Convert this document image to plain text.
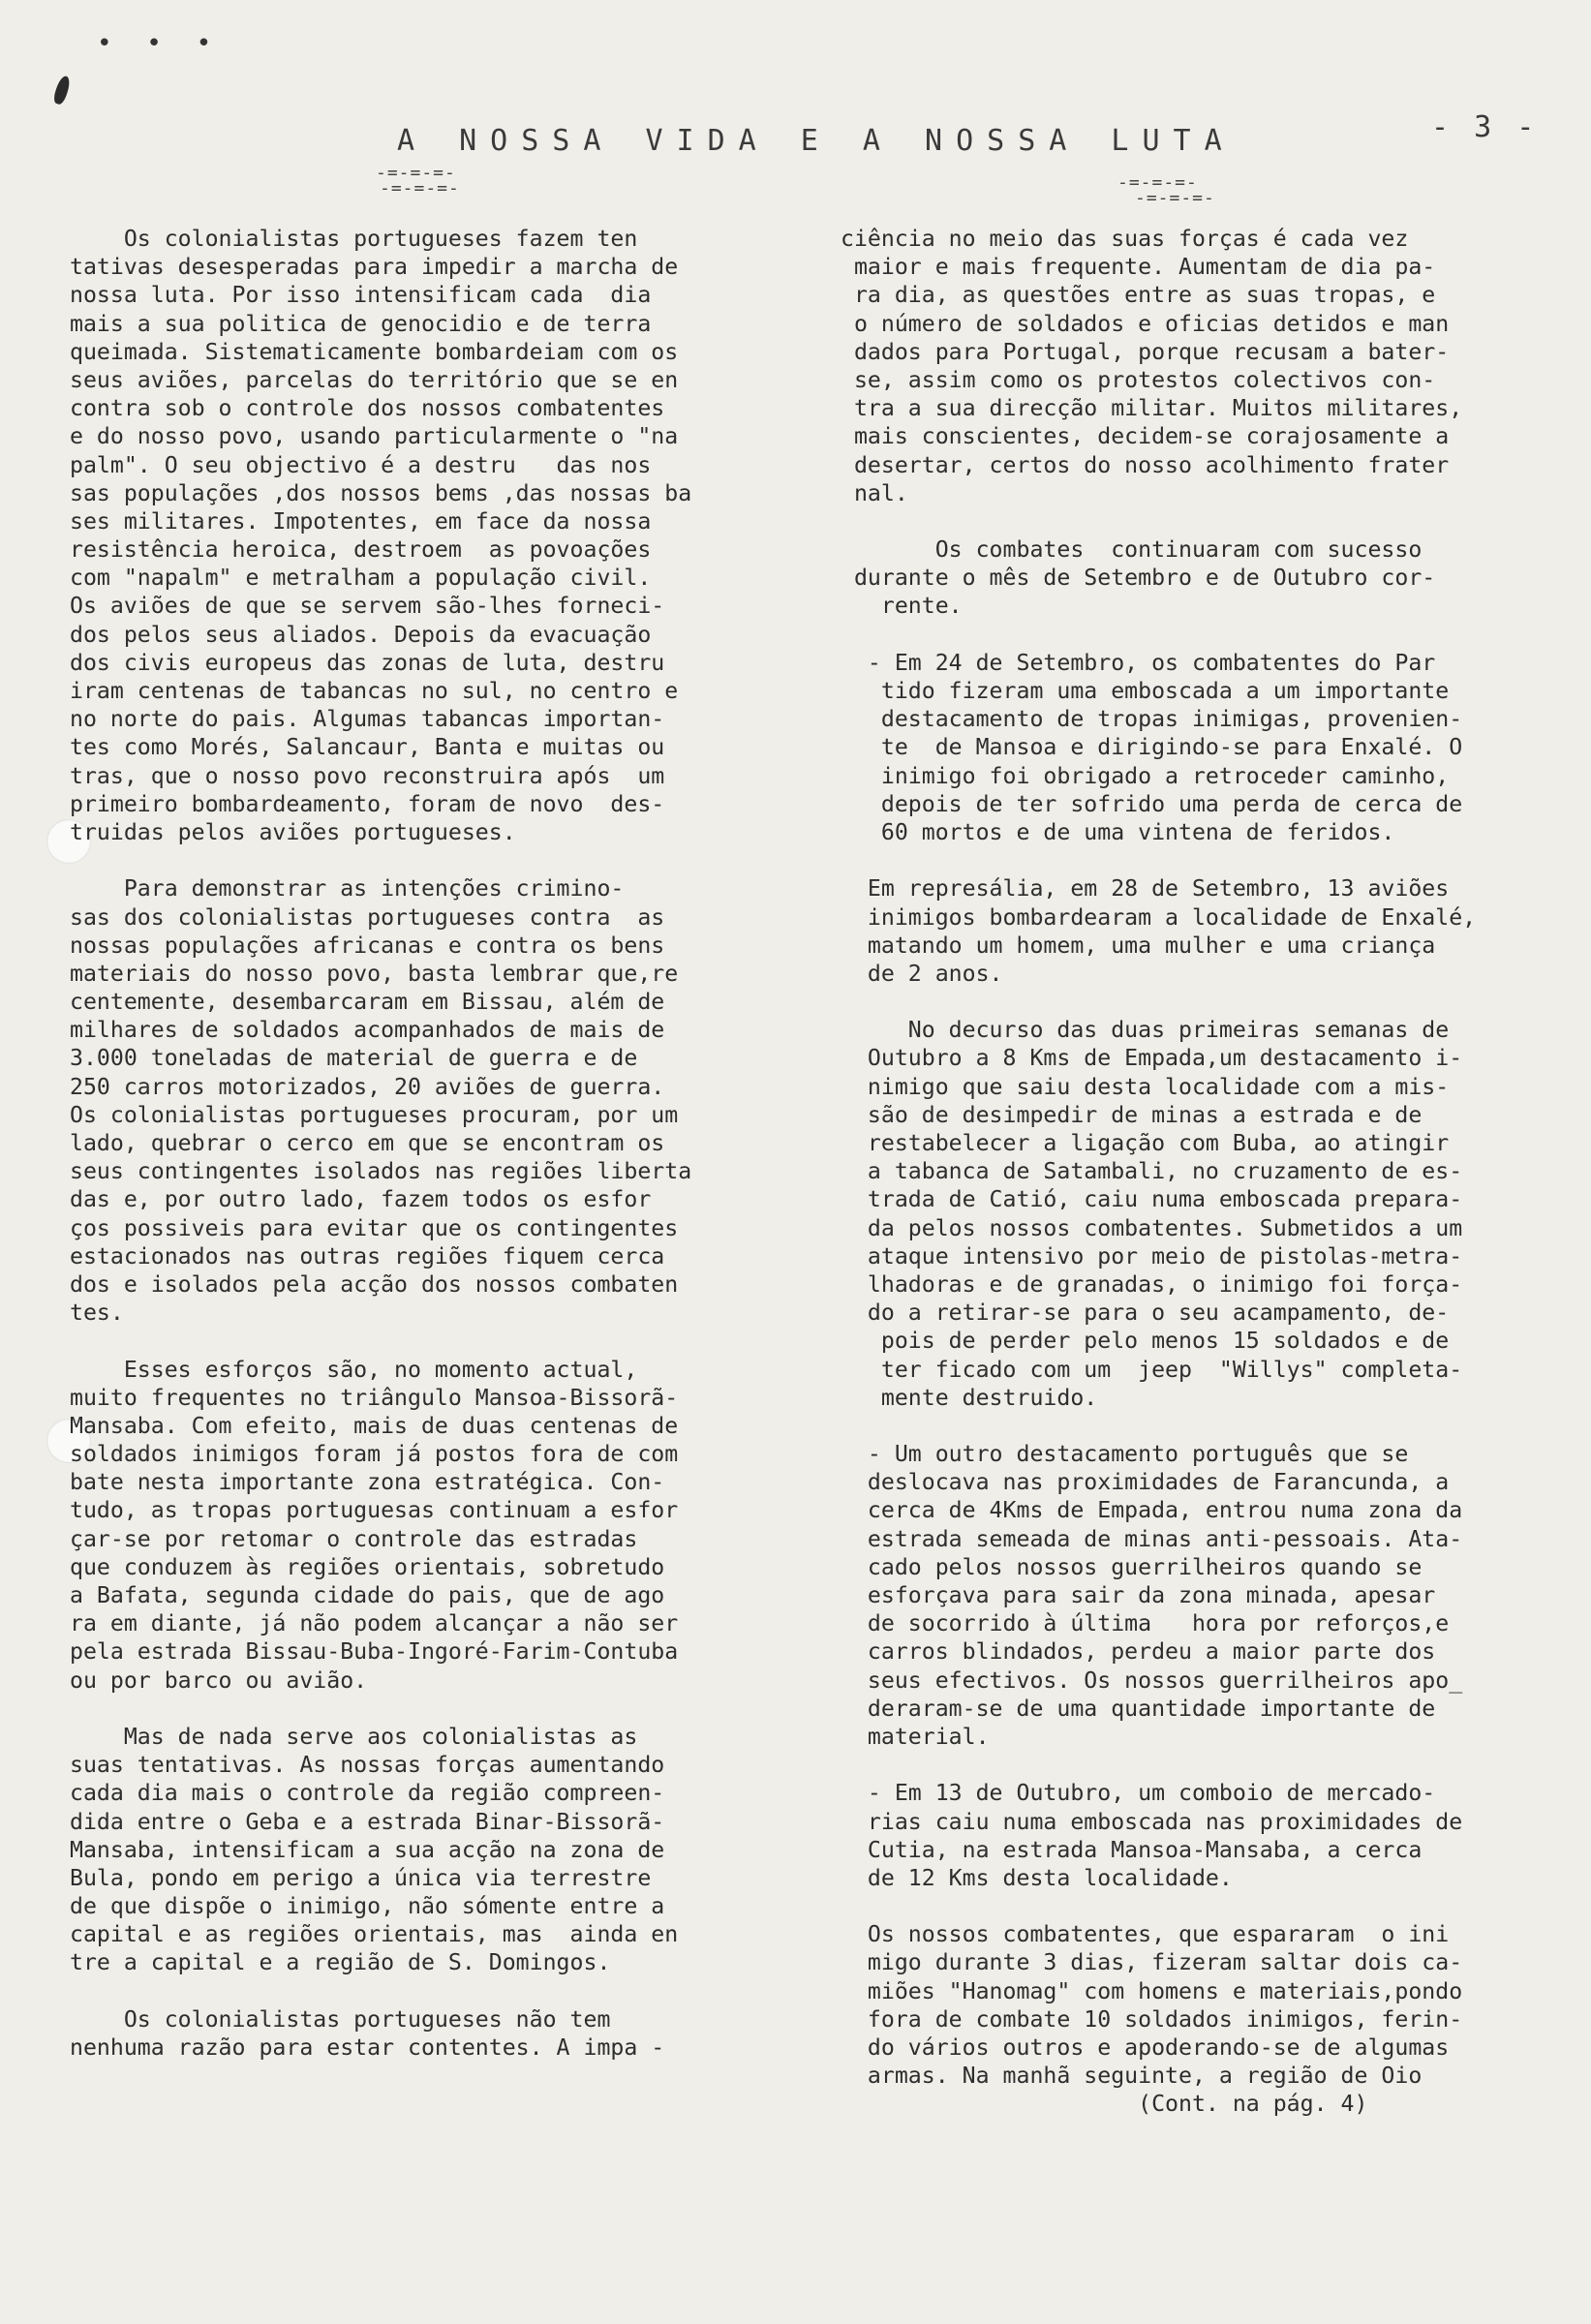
• • •
A NOSSA VIDA E A NOSSA LUTA	- 3 -
-=-=-=-
-=-=-=-	-=-=-=-
-=-=-=-
Os colonialistas portugueses fazem ten
tativas desesperadas para impedir a marcha de
nossa luta. Por isso intensificam cada  dia
mais a sua politica de genocidio e de terra
queimada. Sistematicamente bombardeiam com os
seus aviões, parcelas do território que se en
contra sob o controle dos nossos combatentes
e do nosso povo, usando particularmente o "na
palm". O seu objectivo é a destru   das nos
sas populações ,dos nossos bems ,das nossas ba
ses militares. Impotentes, em face da nossa
resistência heroica, destroem  as povoações
com "napalm" e metralham a população civil.
Os aviões de que se servem são-lhes forneci-
dos pelos seus aliados. Depois da evacuação
dos civis europeus das zonas de luta, destru
iram centenas de tabancas no sul, no centro e
no norte do pais. Algumas tabancas importan-
tes como Morés, Salancaur, Banta e muitas ou
tras, que o nosso povo reconstruira após  um
primeiro bombardeamento, foram de novo  des-
truidas pelos aviões portugueses.
Para demonstrar as intenções crimino-
sas dos colonialistas portugueses contra  as
nossas populações africanas e contra os bens
materiais do nosso povo, basta lembrar que,re
centemente, desembarcaram em Bissau, além de
milhares de soldados acompanhados de mais de
3.000 toneladas de material de guerra e de
250 carros motorizados, 20 aviões de guerra.
Os colonialistas portugueses procuram, por um
lado, quebrar o cerco em que se encontram os
seus contingentes isolados nas regiões liberta
das e, por outro lado, fazem todos os esfor
ços possiveis para evitar que os contingentes
estacionados nas outras regiões fiquem cerca
dos e isolados pela acção dos nossos combaten
tes.
Esses esforços são, no momento actual,
muito frequentes no triângulo Mansoa-Bissorã-
Mansaba. Com efeito, mais de duas centenas de
soldados inimigos foram já postos fora de com
bate nesta importante zona estratégica. Con-
tudo, as tropas portuguesas continuam a esfor
çar-se por retomar o controle das estradas
que conduzem às regiões orientais, sobretudo
a Bafata, segunda cidade do pais, que de ago
ra em diante, já não podem alcançar a não ser
pela estrada Bissau-Buba-Ingoré-Farim-Contuba
ou por barco ou avião.
Mas de nada serve aos colonialistas as
suas tentativas. As nossas forças aumentando
cada dia mais o controle da região compreen-
dida entre o Geba e a estrada Binar-Bissorã-
Mansaba, intensificam a sua acção na zona de
Bula, pondo em perigo a única via terrestre
de que dispõe o inimigo, não sómente entre a
capital e as regiões orientais, mas  ainda en
tre a capital e a região de S. Domingos.
Os colonialistas portugueses não tem
nenhuma razão para estar contentes. A impa -
ciência no meio das suas forças é cada vez
maior e mais frequente. Aumentam de dia pa-
ra dia, as questões entre as suas tropas, e
o número de soldados e oficias detidos e man
dados para Portugal, porque recusam a bater-
se, assim como os protestos colectivos con-
tra a sua direcção militar. Muitos militares,
mais conscientes, decidem-se corajosamente a
desertar, certos do nosso acolhimento frater
nal.
Os combates  continuaram com sucesso
durante o mês de Setembro e de Outubro cor-
rente.
- Em 24 de Setembro, os combatentes do Par
tido fizeram uma emboscada a um importante
destacamento de tropas inimigas, provenien-
te  de Mansoa e dirigindo-se para Enxalé. O
inimigo foi obrigado a retroceder caminho,
depois de ter sofrido uma perda de cerca de
60 mortos e de uma vintena de feridos.
Em represália, em 28 de Setembro, 13 aviões
inimigos bombardearam a localidade de Enxalé,
matando um homem, uma mulher e uma criança
de 2 anos.
No decurso das duas primeiras semanas de
Outubro a 8 Kms de Empada,um destacamento i-
nimigo que saiu desta localidade com a mis-
são de desimpedir de minas a estrada e de
restabelecer a ligação com Buba, ao atingir
a tabanca de Satambali, no cruzamento de es-
trada de Catió, caiu numa emboscada prepara-
da pelos nossos combatentes. Submetidos a um
ataque intensivo por meio de pistolas-metra-
lhadoras e de granadas, o inimigo foi força-
do a retirar-se para o seu acampamento, de-
pois de perder pelo menos 15 soldados e de
ter ficado com um  jeep  "Willys" completa-
mente destruido.
- Um outro destacamento português que se
deslocava nas proximidades de Farancunda, a
cerca de 4Kms de Empada, entrou numa zona da
estrada semeada de minas anti-pessoais. Ata-
cado pelos nossos guerrilheiros quando se
esforçava para sair da zona minada, apesar
de socorrido à última   hora por reforços,e
carros blindados, perdeu a maior parte dos
seus efectivos. Os nossos guerrilheiros apo_
deraram-se de uma quantidade importante de
material.
- Em 13 de Outubro, um comboio de mercado-
rias caiu numa emboscada nas proximidades de
Cutia, na estrada Mansoa-Mansaba, a cerca
de 12 Kms desta localidade.
Os nossos combatentes, que espararam  o ini
migo durante 3 dias, fizeram saltar dois ca-
miões "Hanomag" com homens e materiais,pondo
fora de combate 10 soldados inimigos, ferin-
do vários outros e apoderando-se de algumas
armas. Na manhã seguinte, a região de Oio
(Cont. na pág. 4)
